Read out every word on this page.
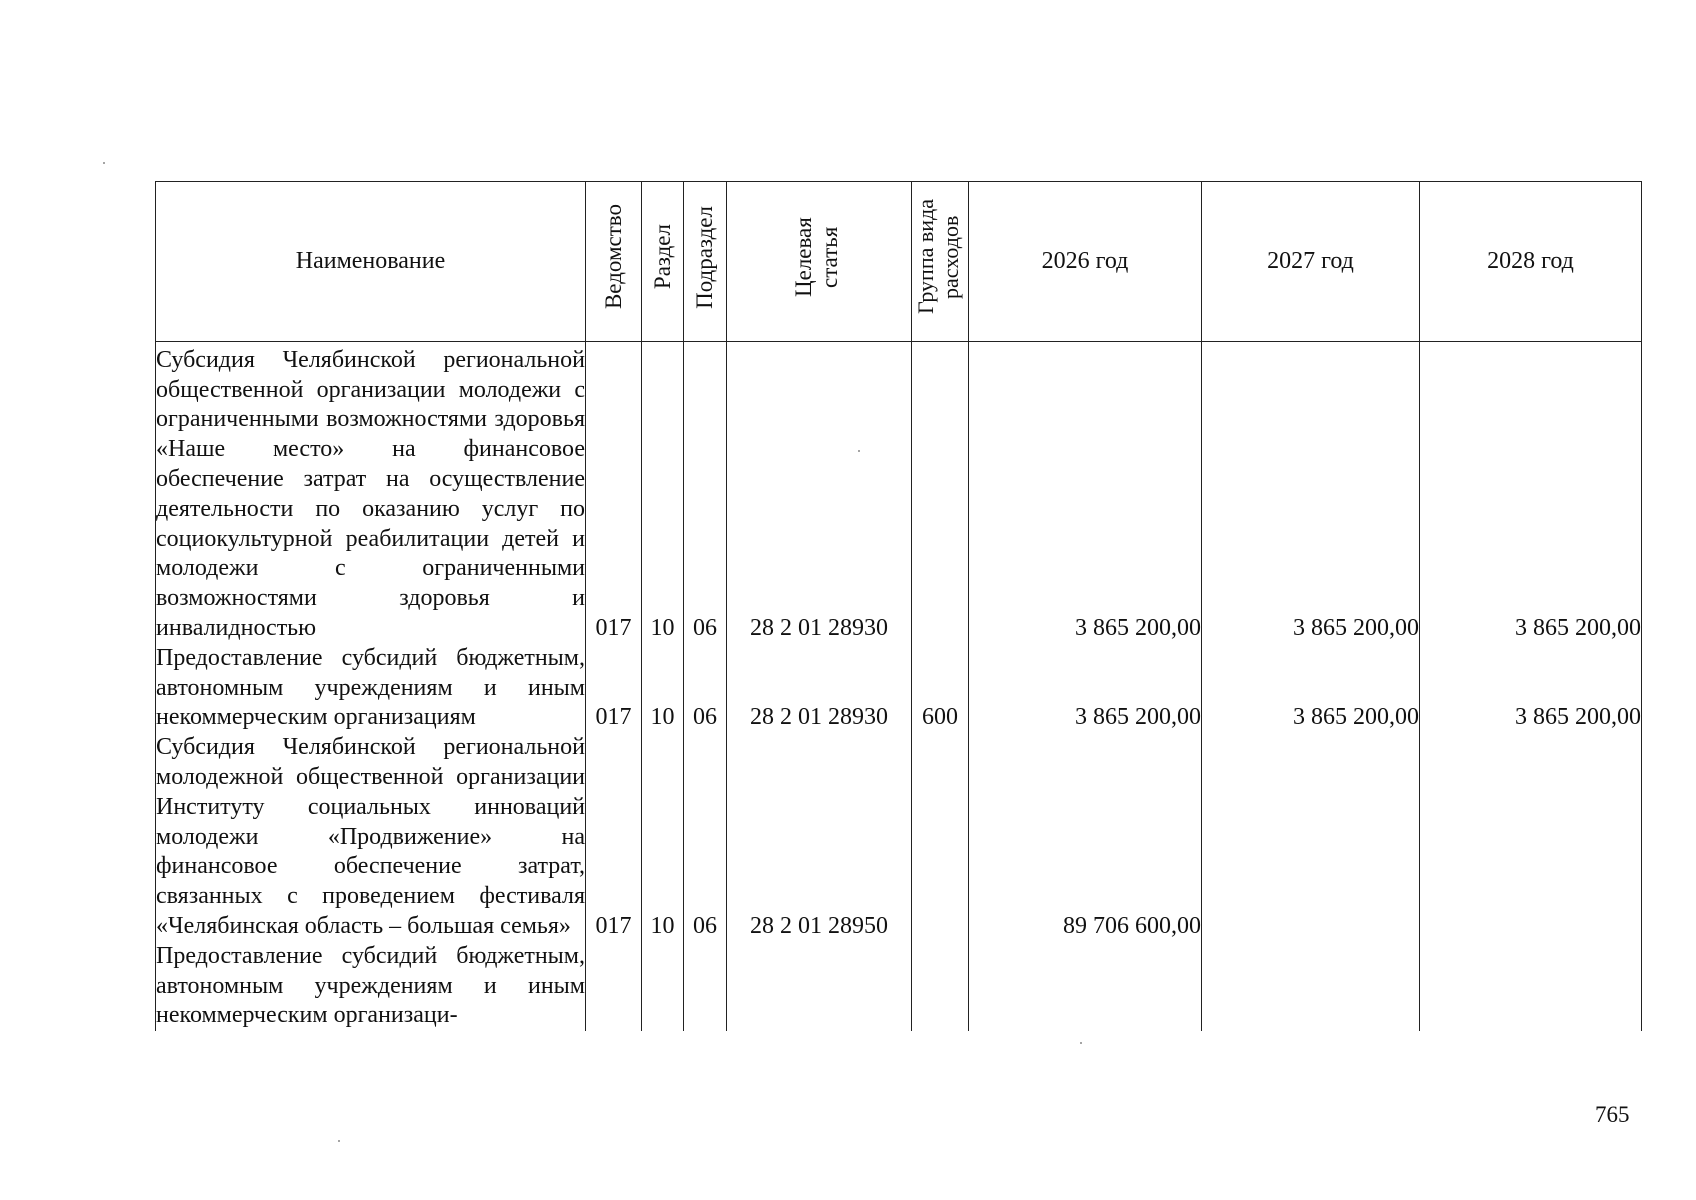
Наименование	Ведомство	Раздел	Подраздел	Целевая статья	Группа вида расходов	2026 год	2027 год	2028 год

Субсидия Челябинской региональной общественной организации молодежи с ограниченными возможностями здоровья «Наше место» на финансовое обеспечение затрат на осуществление деятельности по оказанию услуг по социокультурной реабилитации детей и молодежи с ограниченными возможностями здоровья и инвалидностью	017	10	06	28 2 01 28930		3 865 200,00	3 865 200,00	3 865 200,00

Предоставление субсидий бюджетным, автономным учреждениям и иным некоммерческим организациям	017	10	06	28 2 01 28930	600	3 865 200,00	3 865 200,00	3 865 200,00

Субсидия Челябинской региональной молодежной общественной организации Институту социальных инноваций молодежи «Продвижение» на финансовое обеспечение затрат, связанных с проведением фестиваля «Челябинская область – большая семья»	017	10	06	28 2 01 28950		89 706 600,00		

Предоставление субсидий бюджетным, автономным учреждениям и иным некоммерческим организаци-								

765
